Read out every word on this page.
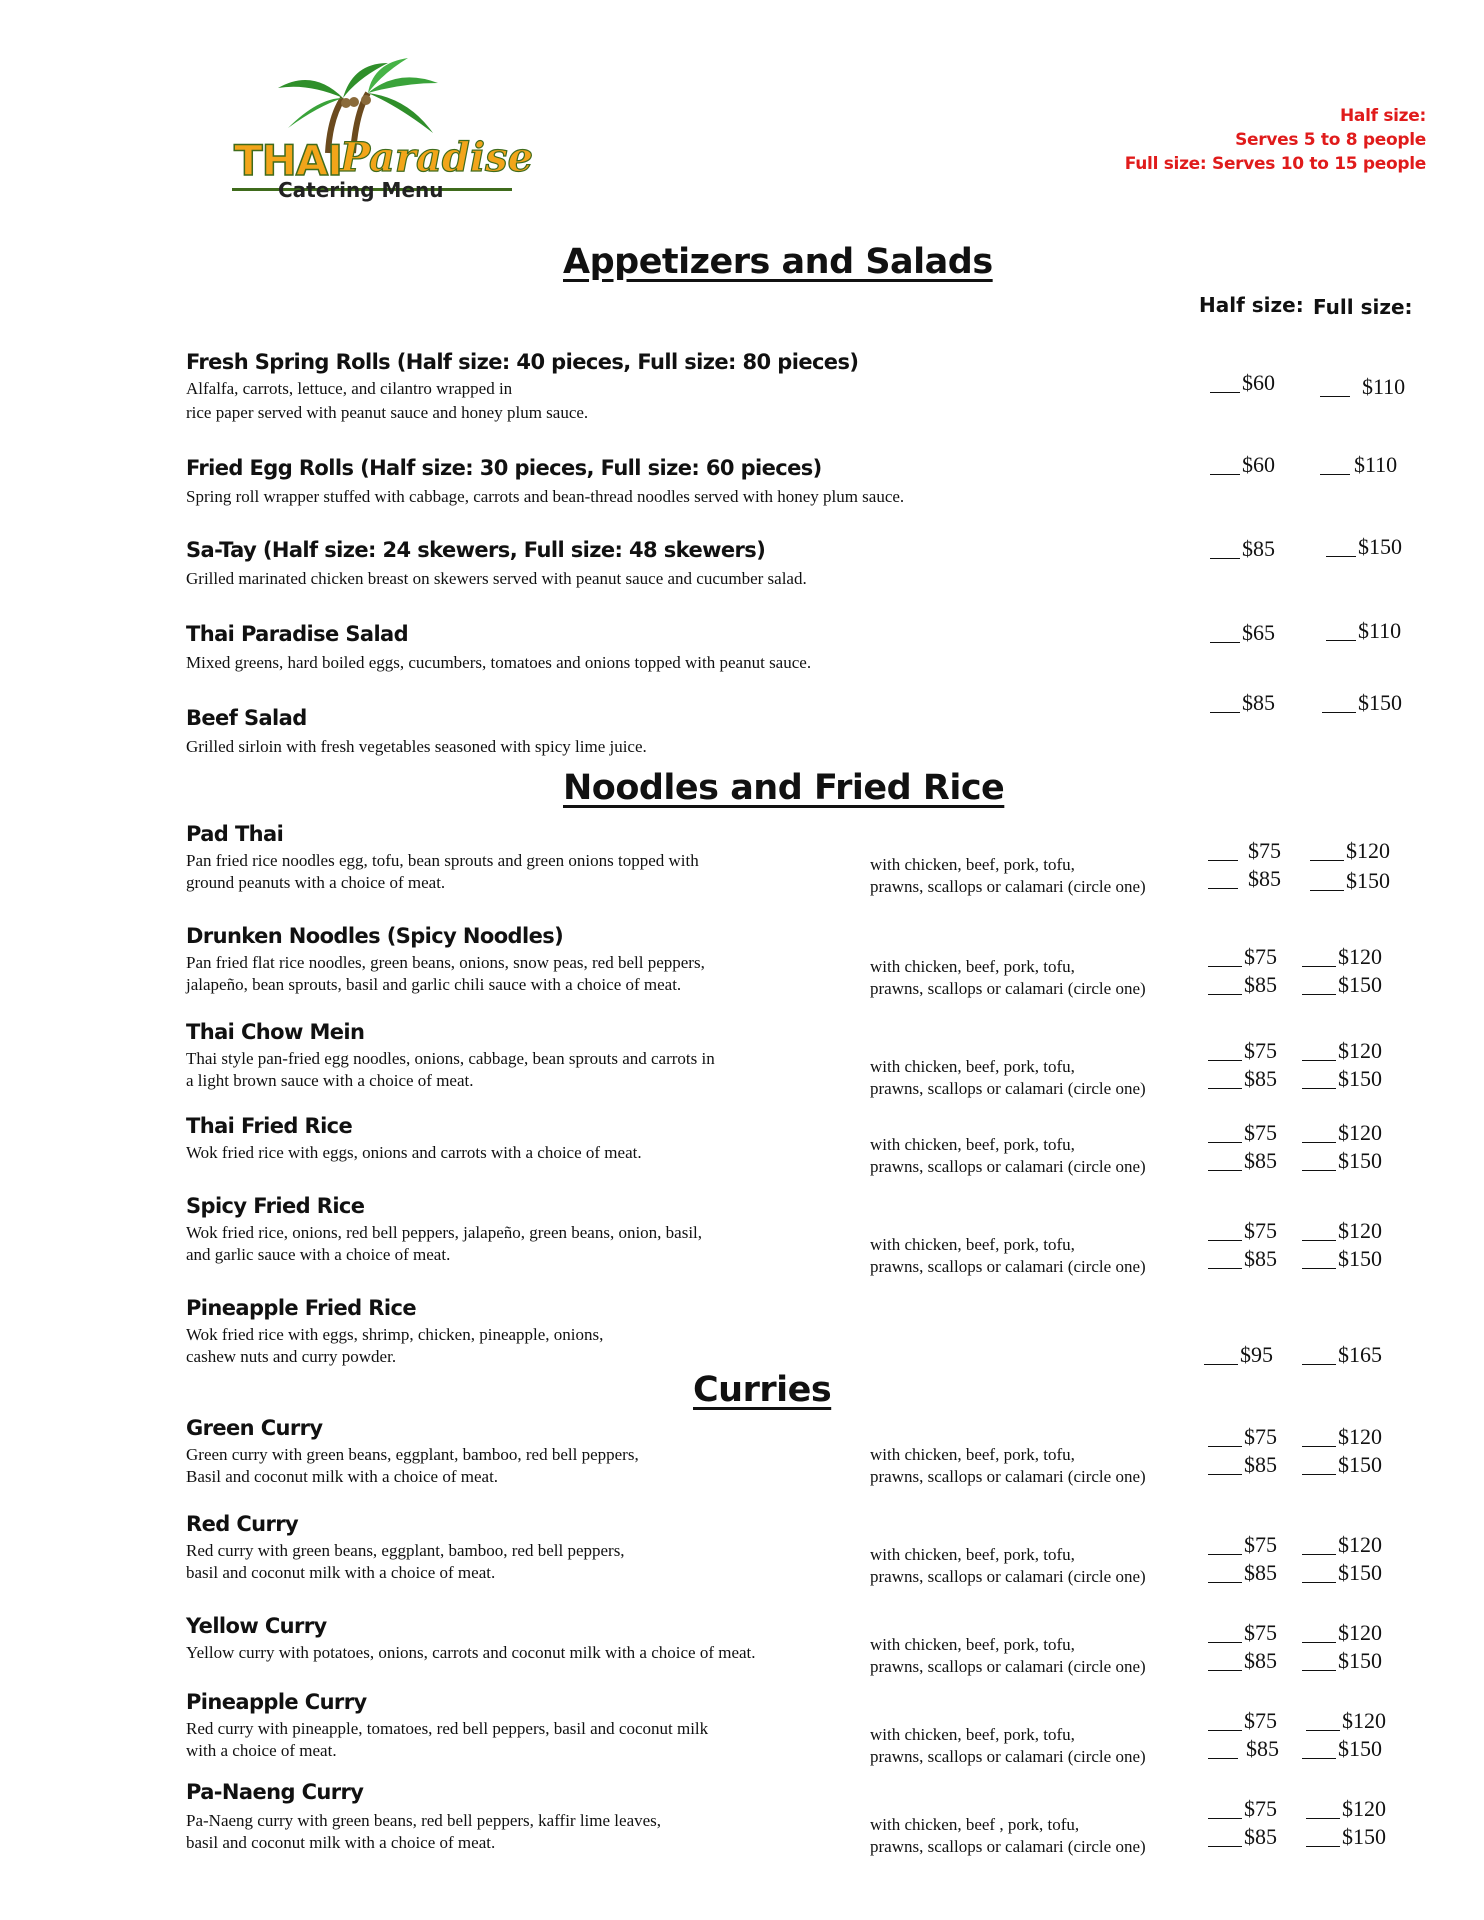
THAI
Paradise
Catering Menu
Half size:
Serves 5 to 8 people
Full size: Serves 10 to 15 people
Appetizers and Salads
Half size: Full size:
Fresh Spring Rolls (Half size: 40 pieces, Full size: 80 pieces)
Alfalfa, carrots, lettuce, and cilantro wrapped in
rice paper served with peanut sauce and honey plum sauce.
$60	$110
Fried Egg Rolls (Half size: 30 pieces, Full size: 60 pieces)
Spring roll wrapper stuffed with cabbage, carrots and bean-thread noodles served with honey plum sauce.
$60	$110
Sa-Tay (Half size: 24 skewers, Full size: 48 skewers)
Grilled marinated chicken breast on skewers served with peanut sauce and cucumber salad.
$85	$150
Thai Paradise Salad
Mixed greens, hard boiled eggs, cucumbers, tomatoes and onions topped with peanut sauce.
$65	$110
Beef Salad
Grilled sirloin with fresh vegetables seasoned with spicy lime juice.
$85	$150
Noodles and Fried Rice
Pad Thai
Pan fried rice noodles egg, tofu, bean sprouts and green onions topped with
ground peanuts with a choice of meat.
with chicken, beef, pork, tofu,
prawns, scallops or calamari (circle one)
$75	$120
$85	$150
Drunken Noodles (Spicy Noodles)
Pan fried flat rice noodles, green beans, onions, snow peas, red bell peppers,
jalapeño, bean sprouts, basil and garlic chili sauce with a choice of meat.
with chicken, beef, pork, tofu,
prawns, scallops or calamari (circle one)
$75	$120
$85	$150
Thai Chow Mein
Thai style pan-fried egg noodles, onions, cabbage, bean sprouts and carrots in
a light brown sauce with a choice of meat.
with chicken, beef, pork, tofu,
prawns, scallops or calamari (circle one)
$75	$120
$85	$150
Thai Fried Rice
Wok fried rice with eggs, onions and carrots with a choice of meat.	with chicken, beef, pork, tofu,
prawns, scallops or calamari (circle one)
$75	$120
$85	$150
Spicy Fried Rice
Wok fried rice, onions, red bell peppers, jalapeño, green beans, onion, basil,
and garlic sauce with a choice of meat.
with chicken, beef, pork, tofu,
prawns, scallops or calamari (circle one)
$75	$120
$85	$150
Pineapple Fried Rice
Wok fried rice with eggs, shrimp, chicken, pineapple, onions,
cashew nuts and curry powder.	$95	$165
Curries
Green Curry
Green curry with green beans, eggplant, bamboo, red bell peppers,
Basil and coconut milk with a choice of meat.
with chicken, beef, pork, tofu,
prawns, scallops or calamari (circle one)
$75	$120
$85	$150
Red Curry
Red curry with green beans, eggplant, bamboo, red bell peppers,
basil and coconut milk with a choice of meat.
with chicken, beef, pork, tofu,
prawns, scallops or calamari (circle one)
$75	$120
$85	$150
Yellow Curry
Yellow curry with potatoes, onions, carrots and coconut milk with a choice of meat.	with chicken, beef, pork, tofu,
prawns, scallops or calamari (circle one)
$75	$120
$85	$150
Pineapple Curry
Red curry with pineapple, tomatoes, red bell peppers, basil and coconut milk
with a choice of meat.
with chicken, beef, pork, tofu,
prawns, scallops or calamari (circle one)
$75	$120
$85	$150
Pa-Naeng Curry
Pa-Naeng curry with green beans, red bell peppers, kaffir lime leaves,
basil and coconut milk with a choice of meat.
with chicken, beef , pork, tofu,
prawns, scallops or calamari (circle one)
$75	$120
$85	$150
